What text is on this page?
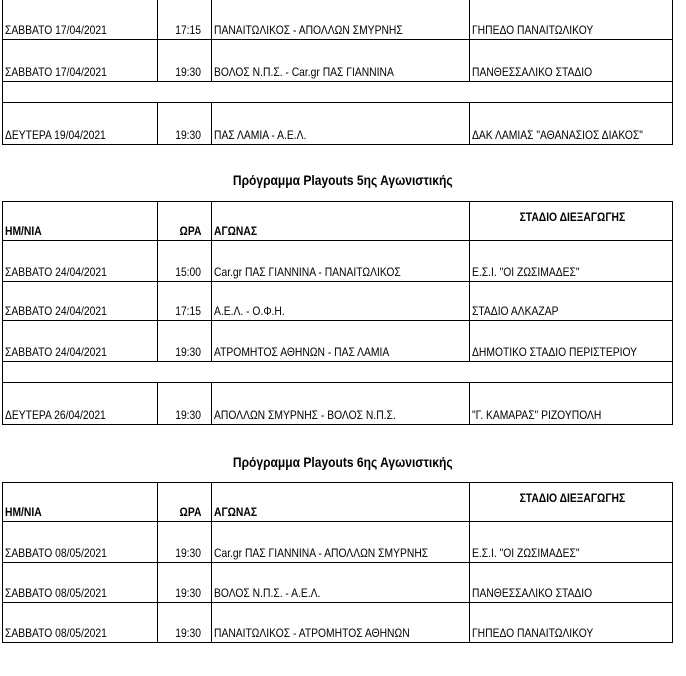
ΣΑΒΒΑΤΟ 17/04/2021	17:15	ΠΑΝΑΙΤΩΛΙΚΟΣ - ΑΠΟΛΛΩΝ ΣΜΥΡΝΗΣ	ΓΗΠΕΔΟ ΠΑΝΑΙΤΩΛΙΚΟΥ
ΣΑΒΒΑΤΟ 17/04/2021	19:30	ΒΟΛΟΣ Ν.Π.Σ. - Car.gr ΠΑΣ ΓΙΑΝΝΙΝΑ	ΠΑΝΘΕΣΣΑΛΙΚΟ ΣΤΑΔΙΟ

ΔΕΥΤΕΡΑ 19/04/2021	19:30	ΠΑΣ ΛΑΜΙΑ - Α.Ε.Λ.	ΔΑΚ ΛΑΜΙΑΣ "ΑΘΑΝΑΣΙΟΣ ΔΙΑΚΟΣ"
Πρόγραμμα Playouts 5ης Αγωνιστικής
ΗΜ/ΝΙΑ	ΩΡΑ	ΑΓΩΝΑΣ	ΣΤΑΔΙΟ ΔΙΕΞΑΓΩΓΗΣ
ΣΑΒΒΑΤΟ 24/04/2021	15:00	Car.gr ΠΑΣ ΓΙΑΝΝΙΝΑ - ΠΑΝΑΙΤΩΛΙΚΟΣ	Ε.Σ.Ι. "ΟΙ ΖΩΣΙΜΑΔΕΣ"
ΣΑΒΒΑΤΟ 24/04/2021	17:15	Α.Ε.Λ. - Ο.Φ.Η.	ΣΤΑΔΙΟ ΑΛΚΑΖΑΡ
ΣΑΒΒΑΤΟ 24/04/2021	19:30	ΑΤΡΟΜΗΤΟΣ ΑΘΗΝΩΝ - ΠΑΣ ΛΑΜΙΑ	ΔΗΜΟΤΙΚΟ ΣΤΑΔΙΟ ΠΕΡΙΣΤΕΡΙΟΥ

ΔΕΥΤΕΡΑ 26/04/2021	19:30	ΑΠΟΛΛΩΝ ΣΜΥΡΝΗΣ - ΒΟΛΟΣ Ν.Π.Σ.	"Γ. ΚΑΜΑΡΑΣ" ΡΙΖΟΥΠΟΛΗ
Πρόγραμμα Playouts 6ης Αγωνιστικής
ΗΜ/ΝΙΑ	ΩΡΑ	ΑΓΩΝΑΣ	ΣΤΑΔΙΟ ΔΙΕΞΑΓΩΓΗΣ
ΣΑΒΒΑΤΟ 08/05/2021	19:30	Car.gr ΠΑΣ ΓΙΑΝΝΙΝΑ - ΑΠΟΛΛΩΝ ΣΜΥΡΝΗΣ	Ε.Σ.Ι. "ΟΙ ΖΩΣΙΜΑΔΕΣ"
ΣΑΒΒΑΤΟ 08/05/2021	19:30	ΒΟΛΟΣ Ν.Π.Σ. - Α.Ε.Λ.	ΠΑΝΘΕΣΣΑΛΙΚΟ ΣΤΑΔΙΟ
ΣΑΒΒΑΤΟ 08/05/2021	19:30	ΠΑΝΑΙΤΩΛΙΚΟΣ - ΑΤΡΟΜΗΤΟΣ ΑΘΗΝΩΝ	ΓΗΠΕΔΟ ΠΑΝΑΙΤΩΛΙΚΟΥ
